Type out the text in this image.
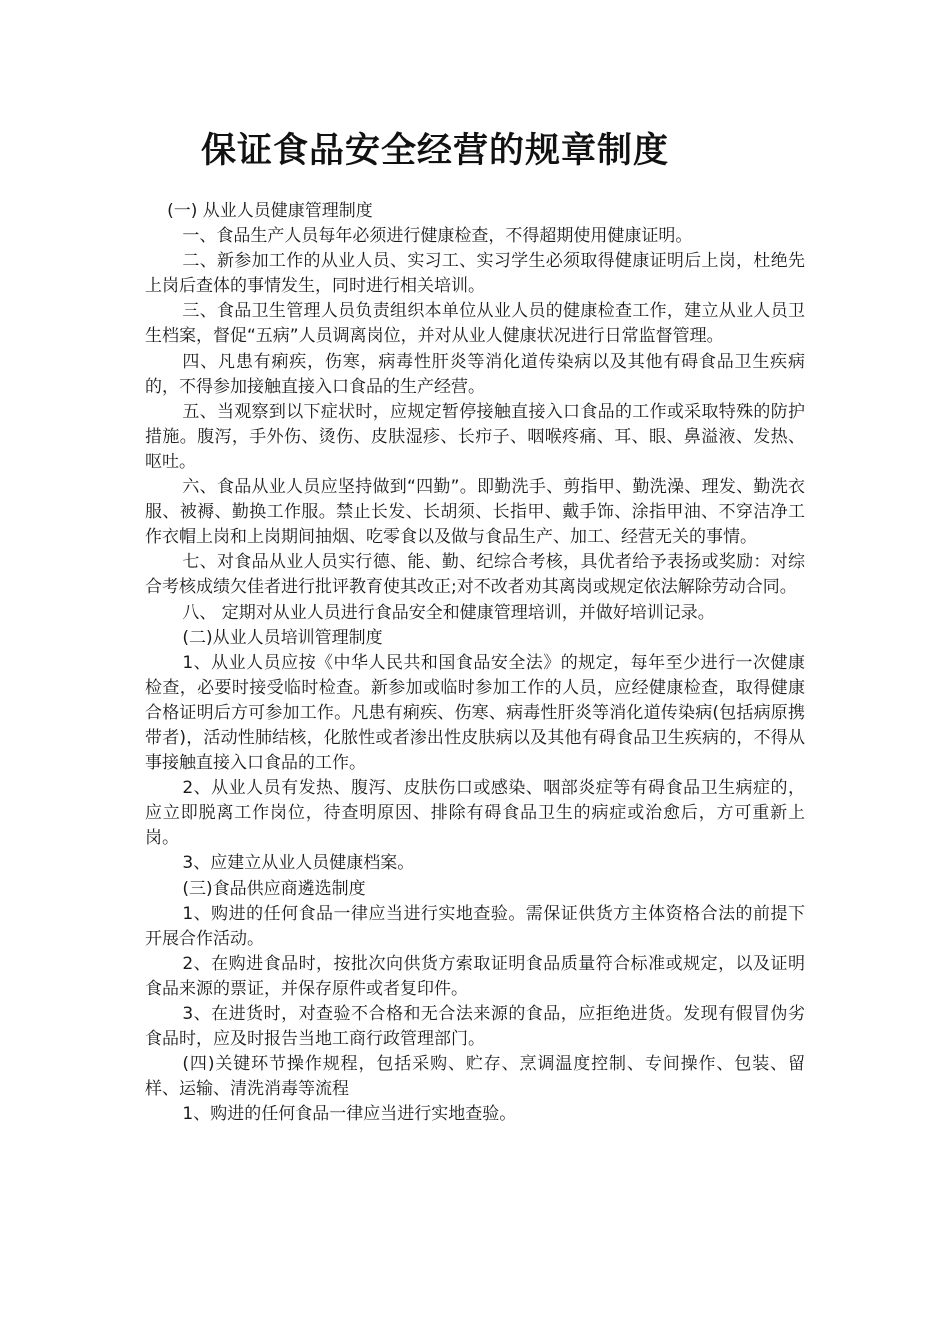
保证食品安全经营的规章制度

(一) 从业人员健康管理制度

一、食品生产人员每年必须进行健康检查，不得超期使用健康证明。

二、新参加工作的从业人员、实习工、实习学生必须取得健康证明后上岗，杜绝先上岗后查体的事情发生，同时进行相关培训。

三、食品卫生管理人员负责组织本单位从业人员的健康检查工作，建立从业人员卫生档案，督促“五病”人员调离岗位，并对从业人健康状况进行日常监督管理。

四、凡患有痢疾，伤寒，病毒性肝炎等消化道传染病以及其他有碍食品卫生疾病的，不得参加接触直接入口食品的生产经营。

五、当观察到以下症状时，应规定暂停接触直接入口食品的工作或采取特殊的防护措施。腹泻，手外伤、烫伤、皮肤湿疹、长疖子、咽喉疼痛、耳、眼、鼻溢液、发热、呕吐。

六、食品从业人员应坚持做到“四勤”。即勤洗手、剪指甲、勤洗澡、理发、勤洗衣服、被褥、勤换工作服。禁止长发、长胡须、长指甲、戴手饰、涂指甲油、不穿洁净工作衣帽上岗和上岗期间抽烟、吃零食以及做与食品生产、加工、经营无关的事情。

七、对食品从业人员实行德、能、勤、纪综合考核，具优者给予表扬或奖励：对综合考核成绩欠佳者进行批评教育使其改正;对不改者劝其离岗或规定依法解除劳动合同。

八、 定期对从业人员进行食品安全和健康管理培训，并做好培训记录。

(二)从业人员培训管理制度

1、从业人员应按《中华人民共和国食品安全法》的规定，每年至少进行一次健康检查，必要时接受临时检查。新参加或临时参加工作的人员，应经健康检查，取得健康合格证明后方可参加工作。凡患有痢疾、伤寒、病毒性肝炎等消化道传染病(包括病原携带者)，活动性肺结核，化脓性或者渗出性皮肤病以及其他有碍食品卫生疾病的，不得从事接触直接入口食品的工作。

2、从业人员有发热、腹泻、皮肤伤口或感染、咽部炎症等有碍食品卫生病症的，应立即脱离工作岗位，待查明原因、排除有碍食品卫生的病症或治愈后，方可重新上岗。

3、应建立从业人员健康档案。

(三)食品供应商遴选制度

1、购进的任何食品一律应当进行实地查验。需保证供货方主体资格合法的前提下开展合作活动。

2、在购进食品时，按批次向供货方索取证明食品质量符合标准或规定，以及证明食品来源的票证，并保存原件或者复印件。

3、在进货时，对查验不合格和无合法来源的食品，应拒绝进货。发现有假冒伪劣食品时，应及时报告当地工商行政管理部门。

(四)关键环节操作规程，包括采购、贮存、烹调温度控制、专间操作、包装、留样、运输、清洗消毒等流程

1、购进的任何食品一律应当进行实地查验。
